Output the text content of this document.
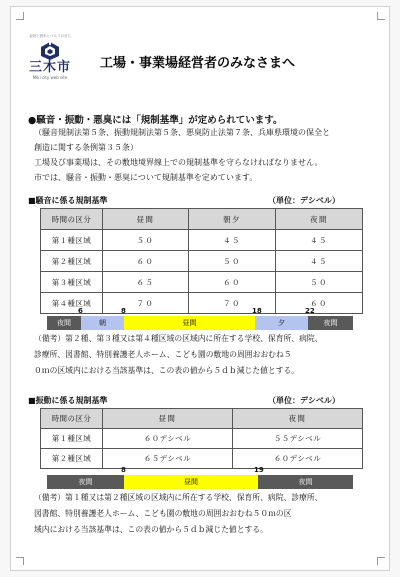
金物と酒米とゴルフのまち
三木市
Miki city web site
工場・事業場経営者のみなさまへ
●騒音・振動・悪臭には「規制基準」が定められています。
（騒音規制法第５条、振動規制法第５条、悪臭防止法第７条、兵庫県環境の保全と
創造に関する条例第３５条）
工場及び事業場は、その敷地境界線上での規制基準を守らなければなりません。
市では、騒音・振動・悪臭について規制基準を定めています。
■騒音に係る規制基準	（単位：デシベル）
時間の区分	昼間	朝夕	夜間
第１種区域	５０	４５	４５
第２種区域	６０	５０	４５
第３種区域	６５	６０	５０
第４種区域	７０	７０	６０
6	8	18	22
夜間	朝	昼間	夕	夜間
（備考）第２種、第３種又は第４種区域の区域内に所在する学校、保育所、病院、
診療所、図書館、特別養護老人ホーム、こども園の敷地の周囲おおむね５
０ｍの区域内における当該基準は、この表の値から５ｄｂ減じた値とする。
■振動に係る規制基準	（単位：デシベル）
時間の区分	昼間	夜間
第１種区域	６０デシベル	５５デシベル
第２種区域	６５デシベル	６０デシベル
8	19
夜間	昼間	夜間
（備考）第１種又は第２種区域の区域内に所在する学校、保育所、病院、診療所、
図書館、特別養護老人ホーム、こども園の敷地の周囲おおむね５０ｍの区
域内における当該基準は、この表の値から５ｄｂ減じた値とする。
